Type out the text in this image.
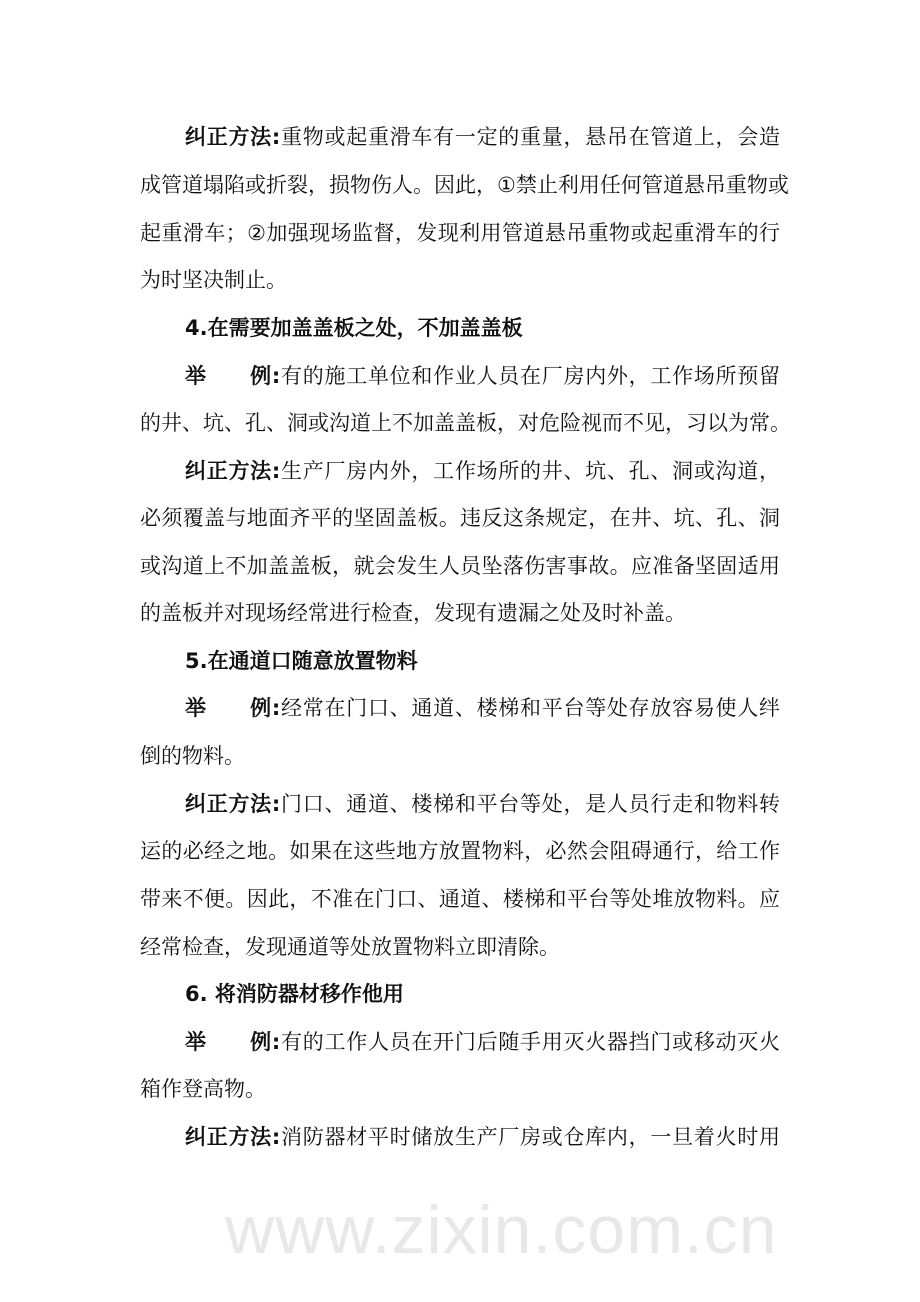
www.zixin.com.cn
纠正方法:重物或起重滑车有一定的重量，悬吊在管道上，会造
成管道塌陷或折裂，损物伤人。因此，①禁止利用任何管道悬吊重物或
起重滑车；②加强现场监督，发现利用管道悬吊重物或起重滑车的行
为时坚决制止。
4.在需要加盖盖板之处，不加盖盖板
举　　例:有的施工单位和作业人员在厂房内外，工作场所预留
的井、坑、孔、洞或沟道上不加盖盖板，对危险视而不见，习以为常。
纠正方法:生产厂房内外，工作场所的井、坑、孔、洞或沟道，
必须覆盖与地面齐平的坚固盖板。违反这条规定，在井、坑、孔、洞
或沟道上不加盖盖板，就会发生人员坠落伤害事故。应准备坚固适用
的盖板并对现场经常进行检查，发现有遗漏之处及时补盖。
5.在通道口随意放置物料
举　　例:经常在门口、通道、楼梯和平台等处存放容易使人绊
倒的物料。
纠正方法:门口、通道、楼梯和平台等处，是人员行走和物料转
运的必经之地。如果在这些地方放置物料，必然会阻碍通行，给工作
带来不便。因此，不准在门口、通道、楼梯和平台等处堆放物料。应
经常检查，发现通道等处放置物料立即清除。
6. 将消防器材移作他用
举　　例:有的工作人员在开门后随手用灭火器挡门或移动灭火
箱作登高物。
纠正方法:消防器材平时储放生产厂房或仓库内，一旦着火时用
